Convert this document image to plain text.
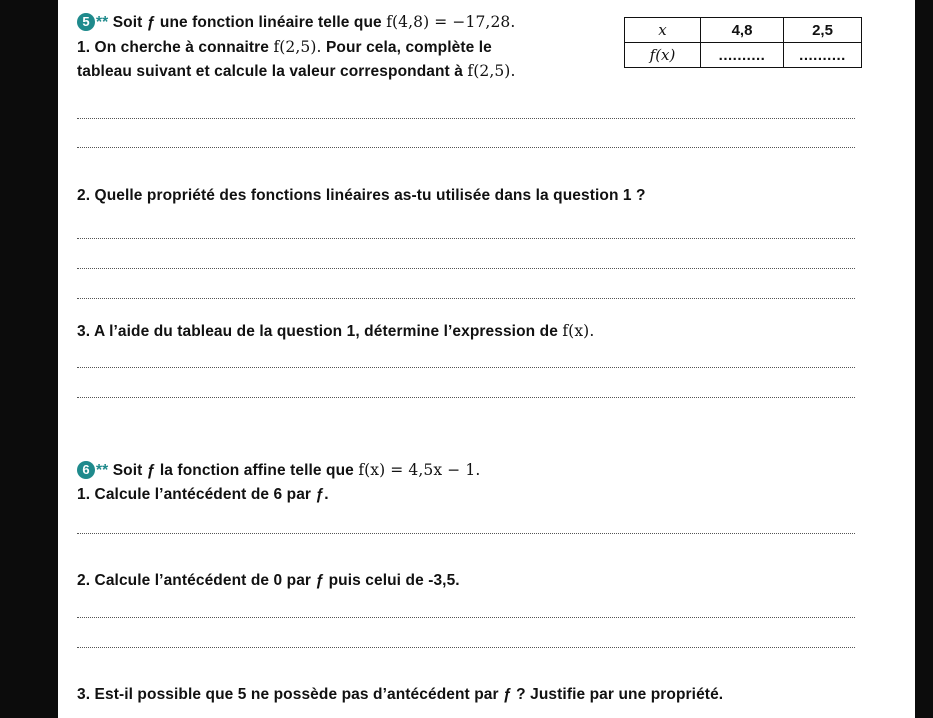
5 ** Soit ƒ une fonction linéaire telle que f(4,8) = −17,28.
1. On cherche à connaitre f(2,5). Pour cela, complète le
tableau suivant et calcule la valeur correspondant à f(2,5).
x	4,8	2,5
f(x)	..........	..........
2. Quelle propriété des fonctions linéaires as-tu utilisée dans la question 1 ?
3. A l’aide du tableau de la question 1, détermine l’expression de f(x).
6 ** Soit ƒ la fonction affine telle que f(x) = 4,5x − 1.
1. Calcule l’antécédent de 6 par ƒ.
2. Calcule l’antécédent de 0 par ƒ puis celui de -3,5.
3. Est-il possible que 5 ne possède pas d’antécédent par ƒ ? Justifie par une propriété.
